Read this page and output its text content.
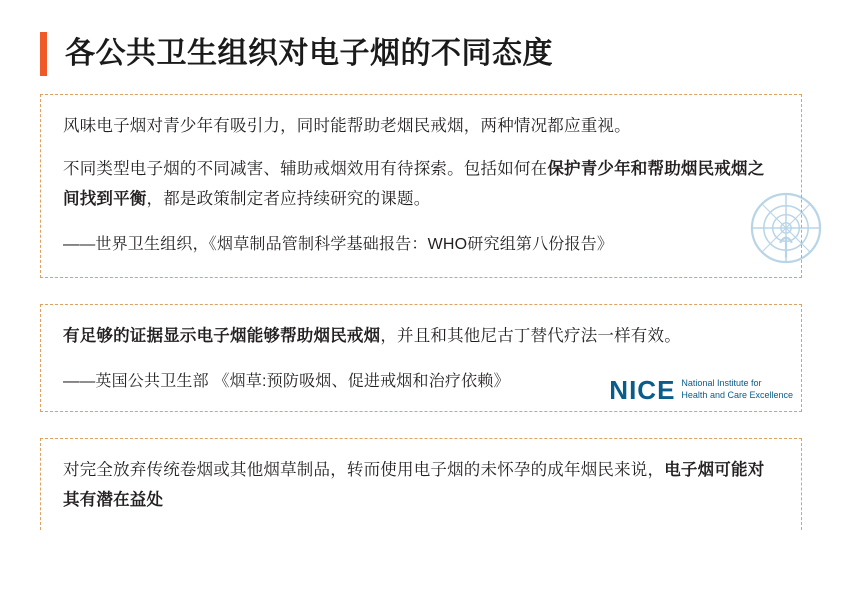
各公共卫生组织对电子烟的不同态度

风味电子烟对青少年有吸引力，同时能帮助老烟民戒烟，两种情况都应重视。

不同类型电子烟的不同减害、辅助戒烟效用有待探索。包括如何在保护青少年和帮助烟民戒烟之间找到平衡，都是政策制定者应持续研究的课题。

——世界卫生组织，《烟草制品管制科学基础报告：WHO研究组第八份报告》

有足够的证据显示电子烟能够帮助烟民戒烟，并且和其他尼古丁替代疗法一样有效。

——英国公共卫生部 《烟草:预防吸烟、促进戒烟和治疗依赖》	NICE National Institute for
Health and Care Excellence

对完全放弃传统卷烟或其他烟草制品，转而使用电子烟的未怀孕的成年烟民来说，电子烟可能对其有潜在益处
